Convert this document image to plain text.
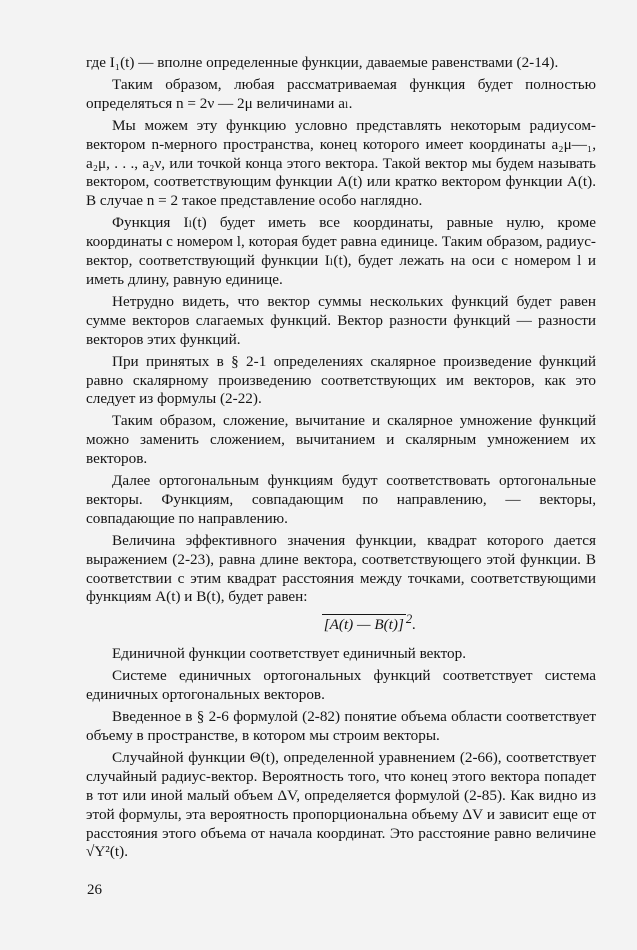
где I₁(t) — вполне определенные функции, даваемые равенствами (2-14).

Таким образом, любая рассматриваемая функция будет полностью определяться n = 2ν — 2μ величинами aₗ.

Мы можем эту функцию условно представлять некоторым радиусом-вектором n-мерного пространства, конец которого имеет координаты a₂μ—₁, a₂μ, . . ., a₂ν, или точкой конца этого вектора. Такой вектор мы будем называть вектором, соответствующим функции A(t) или кратко вектором функции A(t). В случае n = 2 такое представление особо наглядно.

Функция Iₗ(t) будет иметь все координаты, равные нулю, кроме координаты с номером l, которая будет равна единице. Таким образом, радиус-вектор, соответствующий функции Iₗ(t), будет лежать на оси с номером l и иметь длину, равную единице.

Нетрудно видеть, что вектор суммы нескольких функций будет равен сумме векторов слагаемых функций. Вектор разности функций — разности векторов этих функций.

При принятых в § 2-1 определениях скалярное произведение функций равно скалярному произведению соответствующих им векторов, как это следует из формулы (2-22).

Таким образом, сложение, вычитание и скалярное умножение функций можно заменить сложением, вычитанием и скалярным умножением их векторов.

Далее ортогональным функциям будут соответствовать ортогональные векторы. Функциям, совпадающим по направлению, — векторы, совпадающие по направлению.

Величина эффективного значения функции, квадрат которого дается выражением (2-23), равна длине вектора, соответствующего этой функции. В соответствии с этим квадрат расстояния между точками, соответствующими функциям A(t) и B(t), будет равен:

[A(t) — B(t)] $^2$.

Единичной функции соответствует единичный вектор.

Системе единичных ортогональных функций соответствует система единичных ортогональных векторов.

Введенное в § 2-6 формулой (2-82) понятие объема области соответствует объему в пространстве, в котором мы строим векторы.

Случайной функции Θ(t), определенной уравнением (2-66), соответствует случайный радиус-вектор. Вероятность того, что конец этого вектора попадет в тот или иной малый объем ΔV, определяется формулой (2-85). Как видно из этой формулы, эта вероятность пропорциональна объему ΔV и зависит еще от расстояния этого объема от начала координат. Это расстояние равно величине √Y²(t).

26
